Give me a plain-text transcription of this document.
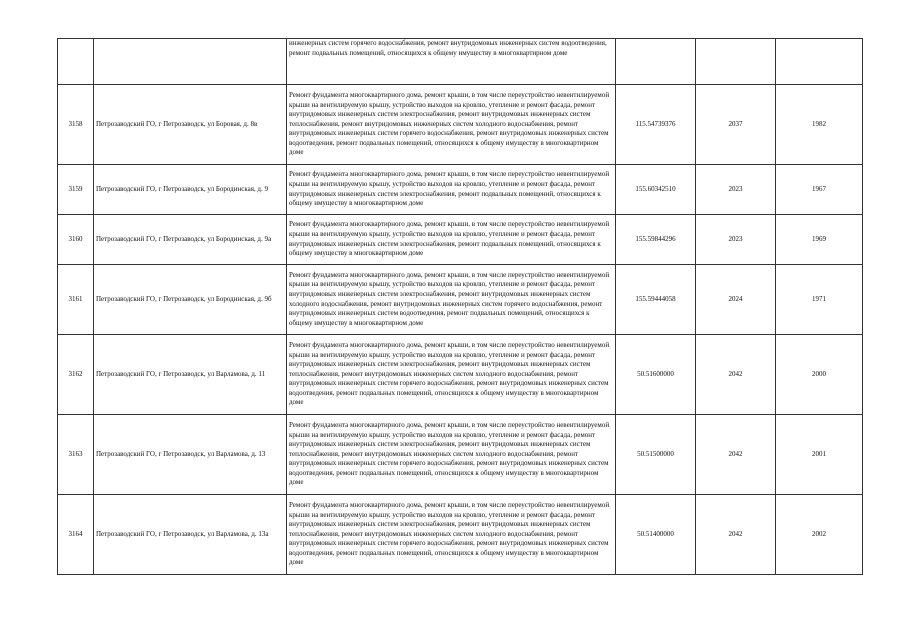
		инженерных систем горячего водоснабжения, ремонт внутридомовых инженерных систем водоотведения, ремонт подвальных помещений, относящихся к общему имуществу в многоквартирном доме			
3158	Петрозаводский ГО, г Петрозаводск, ул Боровая, д. 8в	Ремонт фундамента многоквартирного дома, ремонт крыши, в том числе переустройство невентилируемой крыши на вентилируемую крышу, устройство выходов на кровлю, утепление и ремонт фасада, ремонт внутридомовых инженерных систем электроснабжения, ремонт внутридомовых инженерных систем теплоснабжения, ремонт внутридомовых инженерных систем холодного водоснабжения, ремонт внутридомовых инженерных систем горячего водоснабжения, ремонт внутридомовых инженерных систем водоотведения, ремонт подвальных помещений, относящихся к общему имуществу в многоквартирном доме	115.54739376	2037	1982
3159	Петрозаводский ГО, г Петрозаводск, ул Бородинская, д. 9	Ремонт фундамента многоквартирного дома, ремонт крыши, в том числе переустройство невентилируемой крыши на вентилируемую крышу, устройство выходов на кровлю, утепление и ремонт фасада, ремонт внутридомовых инженерных систем электроснабжения, ремонт подвальных помещений, относящихся к общему имуществу в многоквартирном доме	155.60342510	2023	1967
3160	Петрозаводский ГО, г Петрозаводск, ул Бородинская, д. 9а	Ремонт фундамента многоквартирного дома, ремонт крыши, в том числе переустройство невентилируемой крыши на вентилируемую крышу, устройство выходов на кровлю, утепление и ремонт фасада, ремонт внутридомовых инженерных систем электроснабжения, ремонт подвальных помещений, относящихся к общему имуществу в многоквартирном доме	155.59844296	2023	1969
3161	Петрозаводский ГО, г Петрозаводск, ул Бородинская, д. 9б	Ремонт фундамента многоквартирного дома, ремонт крыши, в том числе переустройство невентилируемой крыши на вентилируемую крышу, устройство выходов на кровлю, утепление и ремонт фасада, ремонт внутридомовых инженерных систем электроснабжения, ремонт внутридомовых инженерных систем холодного водоснабжения, ремонт внутридомовых инженерных систем горячего водоснабжения, ремонт внутридомовых инженерных систем водоотведения, ремонт подвальных помещений, относящихся к общему имуществу в многоквартирном доме	155.59444058	2024	1971
3162	Петрозаводский ГО, г Петрозаводск, ул Варламова, д. 11	Ремонт фундамента многоквартирного дома, ремонт крыши, в том числе переустройство невентилируемой крыши на вентилируемую крышу, устройство выходов на кровлю, утепление и ремонт фасада, ремонт внутридомовых инженерных систем электроснабжения, ремонт внутридомовых инженерных систем теплоснабжения, ремонт внутридомовых инженерных систем холодного водоснабжения, ремонт внутридомовых инженерных систем горячего водоснабжения, ремонт внутридомовых инженерных систем водоотведения, ремонт подвальных помещений, относящихся к общему имуществу в многоквартирном доме	50.51600000	2042	2000
3163	Петрозаводский ГО, г Петрозаводск, ул Варламова, д. 13	Ремонт фундамента многоквартирного дома, ремонт крыши, в том числе переустройство невентилируемой крыши на вентилируемую крышу, устройство выходов на кровлю, утепление и ремонт фасада, ремонт внутридомовых инженерных систем электроснабжения, ремонт внутридомовых инженерных систем теплоснабжения, ремонт внутридомовых инженерных систем холодного водоснабжения, ремонт внутридомовых инженерных систем горячего водоснабжения, ремонт внутридомовых инженерных систем водоотведения, ремонт подвальных помещений, относящихся к общему имуществу в многоквартирном доме	50.51500000	2042	2001
3164	Петрозаводский ГО, г Петрозаводск, ул Варламова, д. 13а	Ремонт фундамента многоквартирного дома, ремонт крыши, в том числе переустройство невентилируемой крыши на вентилируемую крышу, устройство выходов на кровлю, утепление и ремонт фасада, ремонт внутридомовых инженерных систем электроснабжения, ремонт внутридомовых инженерных систем теплоснабжения, ремонт внутридомовых инженерных систем холодного водоснабжения, ремонт внутридомовых инженерных систем горячего водоснабжения, ремонт внутридомовых инженерных систем водоотведения, ремонт подвальных помещений, относящихся к общему имуществу в многоквартирном доме	50.51400000	2042	2002
